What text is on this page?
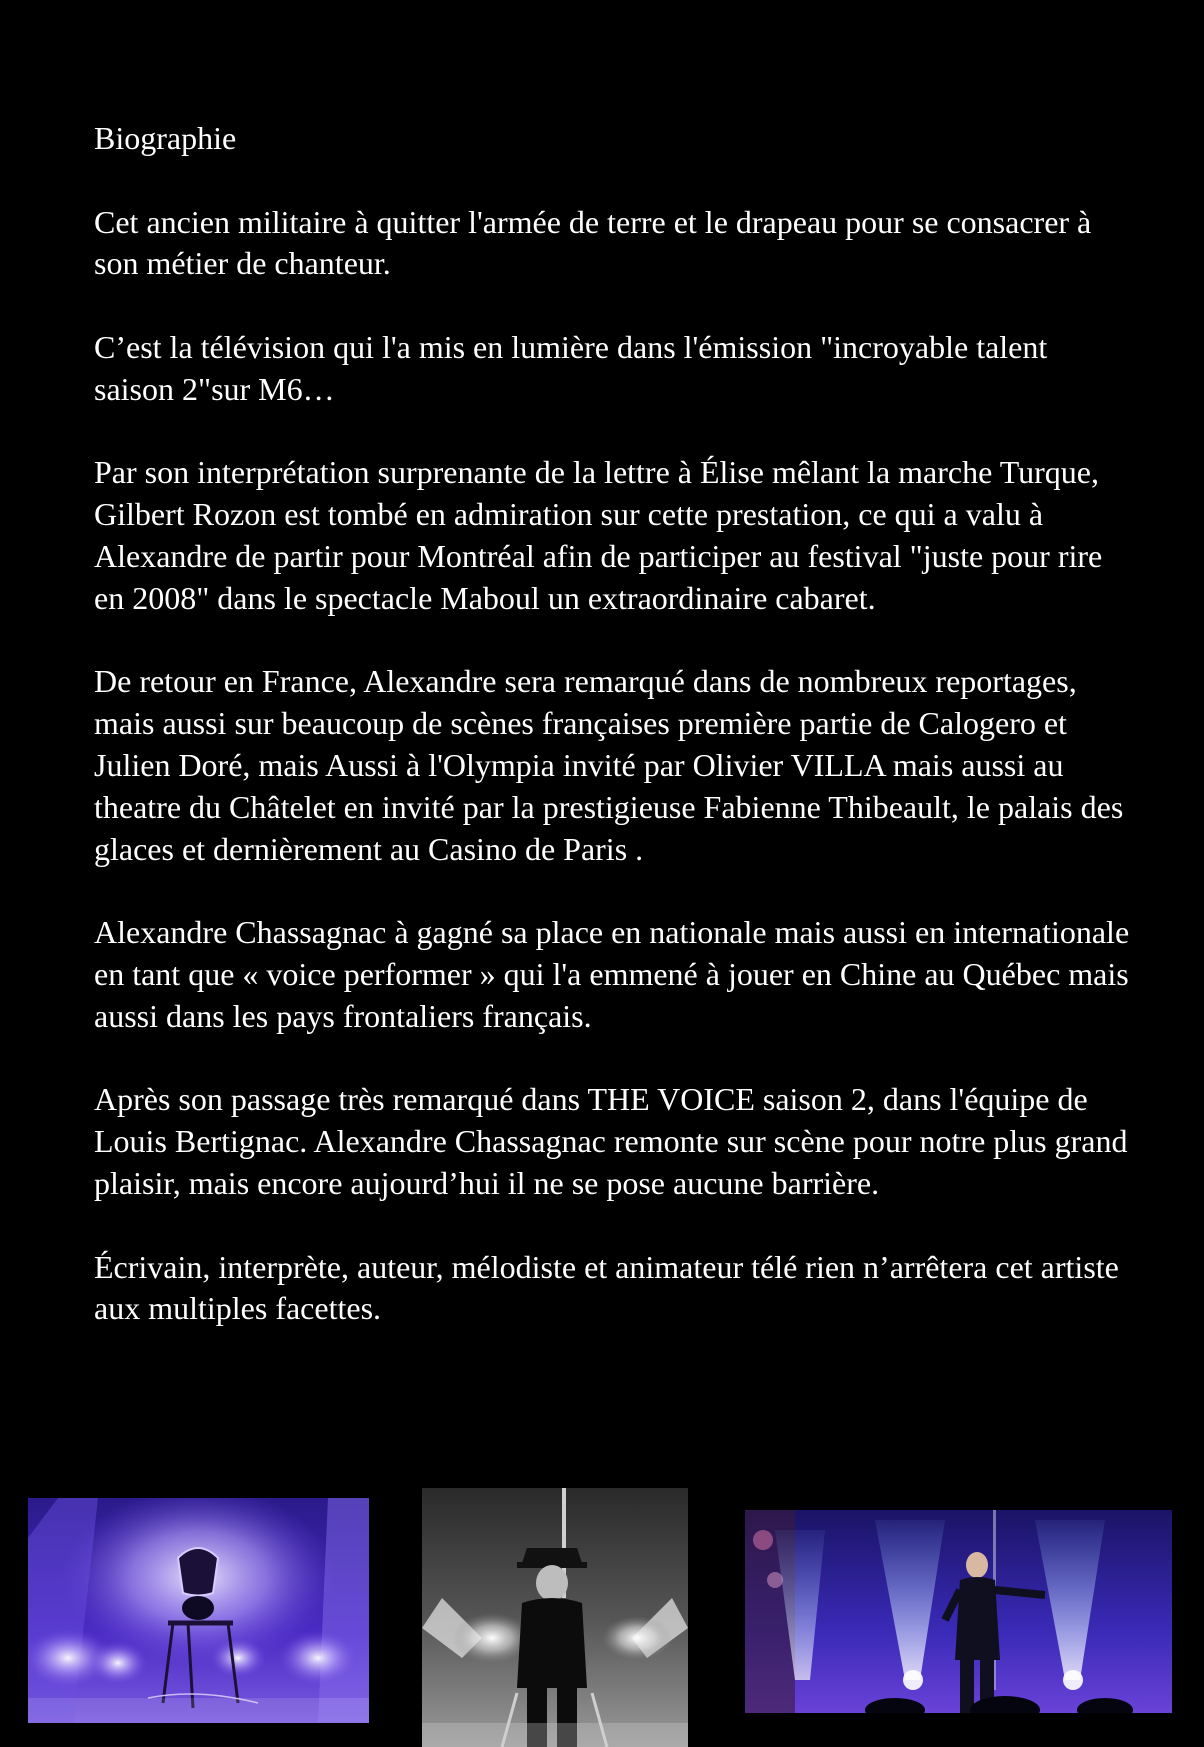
Biographie

Cet ancien militaire à quitter l'armée de terre et le drapeau pour se consacrer à son métier de chanteur.

C’est la télévision qui l'a mis en lumière dans l'émission "incroyable talent saison 2"sur M6…

Par son interprétation surprenante de la lettre à Élise mêlant la marche Turque, Gilbert Rozon est tombé en admiration sur cette prestation, ce qui a valu à Alexandre de partir pour Montréal afin de participer au festival "juste pour rire en 2008" dans le spectacle Maboul un extraordinaire cabaret.

De retour en France, Alexandre sera remarqué dans de nombreux reportages, mais aussi sur beaucoup de scènes françaises première partie de Calogero et Julien Doré, mais Aussi à l'Olympia invité par Olivier VILLA mais aussi au theatre du Châtelet en invité par la prestigieuse Fabienne Thibeault, le palais des glaces et dernièrement au Casino de Paris .

Alexandre Chassagnac à gagné sa place en nationale mais aussi en internationale en tant que « voice performer » qui l'a emmené à jouer en Chine au Québec mais aussi dans les pays frontaliers français.

Après son passage très remarqué dans THE VOICE saison 2, dans l'équipe de Louis Bertignac. Alexandre Chassagnac remonte sur scène pour notre plus grand plaisir, mais encore aujourd’hui il ne se pose aucune barrière.

Écrivain, interprète, auteur, mélodiste et animateur télé rien n’arrêtera cet artiste aux multiples facettes.
